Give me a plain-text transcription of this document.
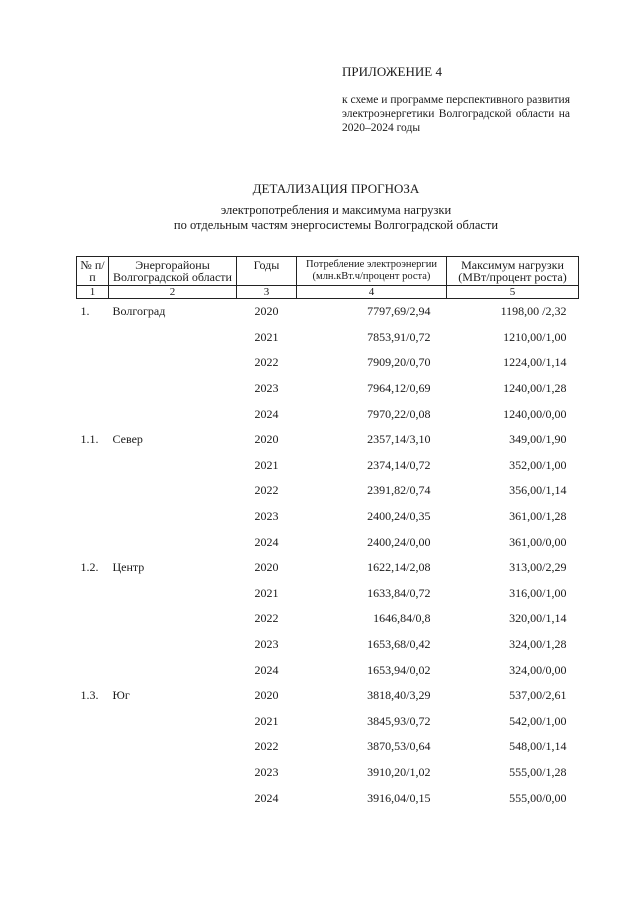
ПРИЛОЖЕНИЕ 4
к схеме и программе перспективного развития электроэнергетики Волгоградской области на 2020–2024 годы
ДЕТАЛИЗАЦИЯ ПРОГНОЗА
электропотребления и максимума нагрузки
по отдельным частям энергосистемы Волгоградской области
№ п/п	Энергорайоны Волгоградской области	Годы	Потребление электроэнергии (млн.кВт.ч/процент роста)	Максимум нагрузки (МВт/процент роста)
1	2	3	4	5
1.	Волгоград	2020	7797,69/2,94	1198,00 /2,32
		2021	7853,91/0,72	1210,00/1,00
		2022	7909,20/0,70	1224,00/1,14
		2023	7964,12/0,69	1240,00/1,28
		2024	7970,22/0,08	1240,00/0,00
1.1.	Север	2020	2357,14/3,10	349,00/1,90
		2021	2374,14/0,72	352,00/1,00
		2022	2391,82/0,74	356,00/1,14
		2023	2400,24/0,35	361,00/1,28
		2024	2400,24/0,00	361,00/0,00
1.2.	Центр	2020	1622,14/2,08	313,00/2,29
		2021	1633,84/0,72	316,00/1,00
		2022	1646,84/0,8	320,00/1,14
		2023	1653,68/0,42	324,00/1,28
		2024	1653,94/0,02	324,00/0,00
1.3.	Юг	2020	3818,40/3,29	537,00/2,61
		2021	3845,93/0,72	542,00/1,00
		2022	3870,53/0,64	548,00/1,14
		2023	3910,20/1,02	555,00/1,28
		2024	3916,04/0,15	555,00/0,00
